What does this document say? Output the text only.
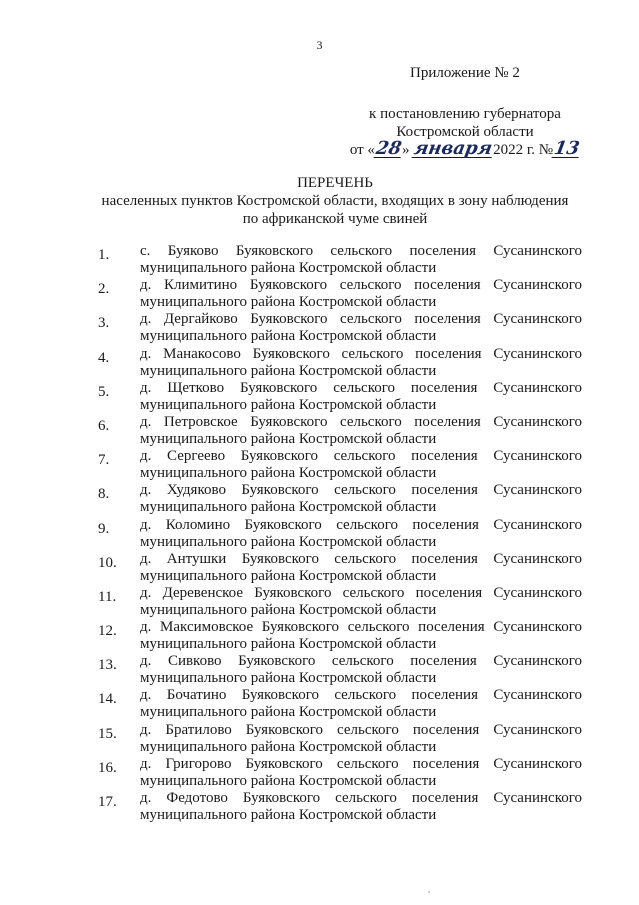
3
Приложение № 2
к постановлению губернатора
Костромской области
от «28» января2022 г. №13
ПЕРЕЧЕНЬ
населенных пунктов Костромской области, входящих в зону наблюдения
по африканской чуме свиней
1.	с. Буяково Буяковского сельского поселения Сусанинского
муниципального района Костромской области
2.	д. Климитино Буяковского сельского поселения Сусанинского
муниципального района Костромской области
3.	д. Дергайково Буяковского сельского поселения Сусанинского
муниципального района Костромской области
4.	д. Манакосово Буяковского сельского поселения Сусанинского
муниципального района Костромской области
5.	д. Щетково Буяковского сельского поселения Сусанинского
муниципального района Костромской области
6.	д. Петровское Буяковского сельского поселения Сусанинского
муниципального района Костромской области
7.	д. Сергеево Буяковского сельского поселения Сусанинского
муниципального района Костромской области
8.	д. Худяково Буяковского сельского поселения Сусанинского
муниципального района Костромской области
9.	д. Коломино Буяковского сельского поселения Сусанинского
муниципального района Костромской области
10.	д. Антушки Буяковского сельского поселения Сусанинского
муниципального района Костромской области
11.	д. Деревенское Буяковского сельского поселения Сусанинского
муниципального района Костромской области
12.	д. Максимовское Буяковского сельского поселения Сусанинского
муниципального района Костромской области
13.	д. Сивково Буяковского сельского поселения Сусанинского
муниципального района Костромской области
14.	д. Бочатино Буяковского сельского поселения Сусанинского
муниципального района Костромской области
15.	д. Братилово Буяковского сельского поселения Сусанинского
муниципального района Костромской области
16.	д. Григорово Буяковского сельского поселения Сусанинского
муниципального района Костромской области
17.	д. Федотово Буяковского сельского поселения Сусанинского
муниципального района Костромской области
